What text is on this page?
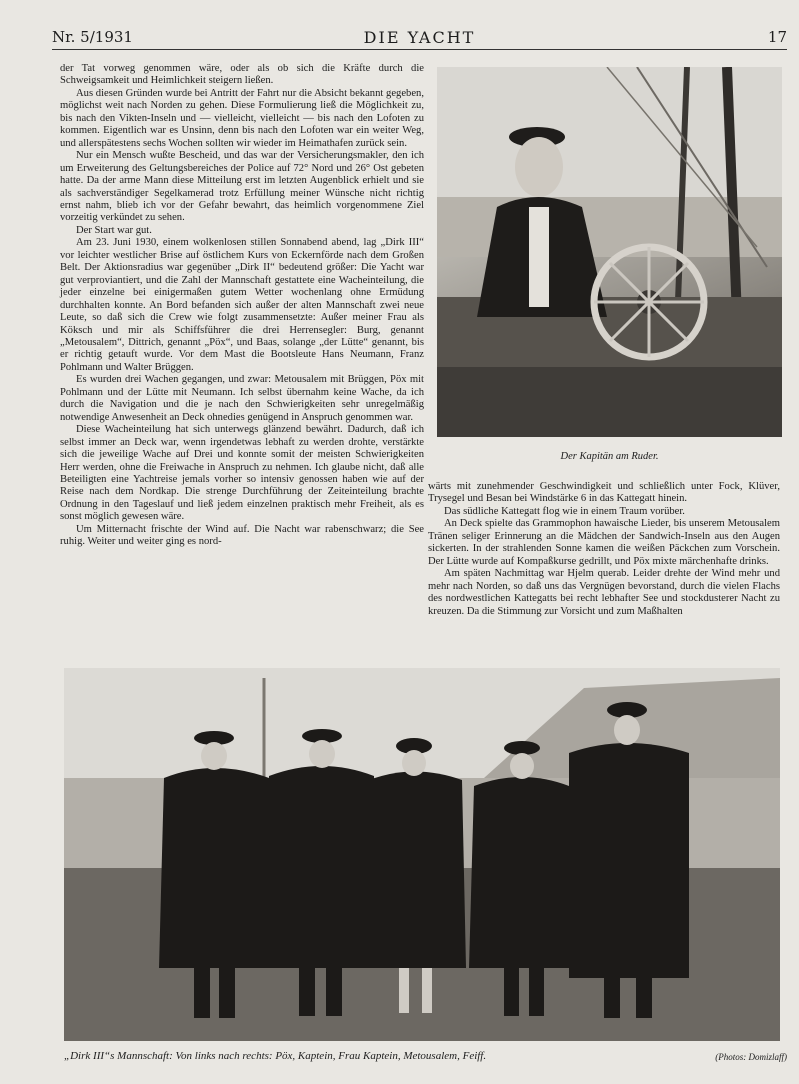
Nr. 5/1931	DIE YACHT	17

der Tat vorweg genommen wäre, oder als ob sich die Kräfte durch die Schweigsamkeit und Heimlichkeit steigern ließen.

Aus diesen Gründen wurde bei Antritt der Fahrt nur die Absicht bekannt gegeben, möglichst weit nach Norden zu gehen. Diese Formulierung ließ die Möglichkeit zu, bis nach den Vikten-Inseln und — vielleicht, vielleicht — bis nach den Lofoten zu kommen. Eigentlich war es Unsinn, denn bis nach den Lofoten war ein weiter Weg, und allerspätestens sechs Wochen sollten wir wieder im Heimathafen zurück sein.

Nur ein Mensch wußte Bescheid, und das war der Versicherungsmakler, den ich um Erweiterung des Geltungsbereiches der Police auf 72° Nord und 26° Ost gebeten hatte. Da der arme Mann diese Mitteilung erst im letzten Augenblick erhielt und sie als sachverständiger Segelkamerad trotz Erfüllung meiner Wünsche nicht richtig ernst nahm, blieb ich vor der Gefahr bewahrt, das heimlich vorgenommene Ziel vorzeitig verkündet zu sehen.

Der Start war gut.

Am 23. Juni 1930, einem wolkenlosen stillen Sonnabend abend, lag „Dirk III“ vor leichter westlicher Brise auf östlichem Kurs von Eckernförde nach dem Großen Belt. Der Aktionsradius war gegenüber „Dirk II“ bedeutend größer: Die Yacht war gut verproviantiert, und die Zahl der Mannschaft gestattete eine Wacheinteilung, die jeder einzelne bei einigermaßen gutem Wetter wochenlang ohne Ermüdung durchhalten konnte. An Bord befanden sich außer der alten Mannschaft zwei neue Leute, so daß sich die Crew wie folgt zusammensetzte: Außer meiner Frau als Köksch und mir als Schiffsführer die drei Herrensegler: Burg, genannt „Metousalem“, Dittrich, genannt „Pöx“, und Baas, solange „der Lütte“ genannt, bis er richtig getauft wurde. Vor dem Mast die Bootsleute Hans Neumann, Franz Pohlmann und Walter Brüggen.

Es wurden drei Wachen gegangen, und zwar: Metousalem mit Brüggen, Pöx mit Pohlmann und der Lütte mit Neumann. Ich selbst übernahm keine Wache, da ich durch die Navigation und die je nach den Schwierigkeiten sehr unregelmäßig notwendige Anwesenheit an Deck ohnedies genügend in Anspruch genommen war.

Diese Wacheinteilung hat sich unterwegs glänzend bewährt. Dadurch, daß ich selbst immer an Deck war, wenn irgendetwas lebhaft zu werden drohte, verstärkte sich die jeweilige Wache auf Drei und konnte somit der meisten Schwierigkeiten Herr werden, ohne die Freiwache in Anspruch zu nehmen. Ich glaube nicht, daß alle Beteiligten eine Yachtreise jemals vorher so intensiv genossen haben wie auf der Reise nach dem Nordkap. Die strenge Durchführung der Zeiteinteilung brachte Ordnung in den Tageslauf und ließ jedem einzelnen praktisch mehr Freiheit, als es sonst möglich gewesen wäre.

Um Mitternacht frischte der Wind auf. Die Nacht war rabenschwarz; die See ruhig. Weiter und weiter ging es nord-

Der Kapitän am Ruder.

wärts mit zunehmender Geschwindigkeit und schließlich unter Fock, Klüver, Trysegel und Besan bei Windstärke 6 in das Kattegatt hinein.

Das südliche Kattegatt flog wie in einem Traum vorüber.

An Deck spielte das Grammophon hawaische Lieder, bis unserem Metousalem Tränen seliger Erinnerung an die Mädchen der Sandwich-Inseln aus den Augen sickerten. In der strahlenden Sonne kamen die weißen Päckchen zum Vorschein. Der Lütte wurde auf Kompaßkurse gedrillt, und Pöx mixte märchenhafte drinks.

Am späten Nachmittag war Hjelm querab. Leider drehte der Wind mehr und mehr nach Norden, so daß uns das Vergnügen bevorstand, durch die vielen Flachs des nordwestlichen Kattegatts bei recht lebhafter See und stockdusterer Nacht zu kreuzen. Da die Stimmung zur Vorsicht und zum Maßhalten

„Dirk III“s Mannschaft: Von links nach rechts: Pöx, Kaptein, Frau Kaptein, Metousalem, Feiff.	(Photos: Domizlaff)
